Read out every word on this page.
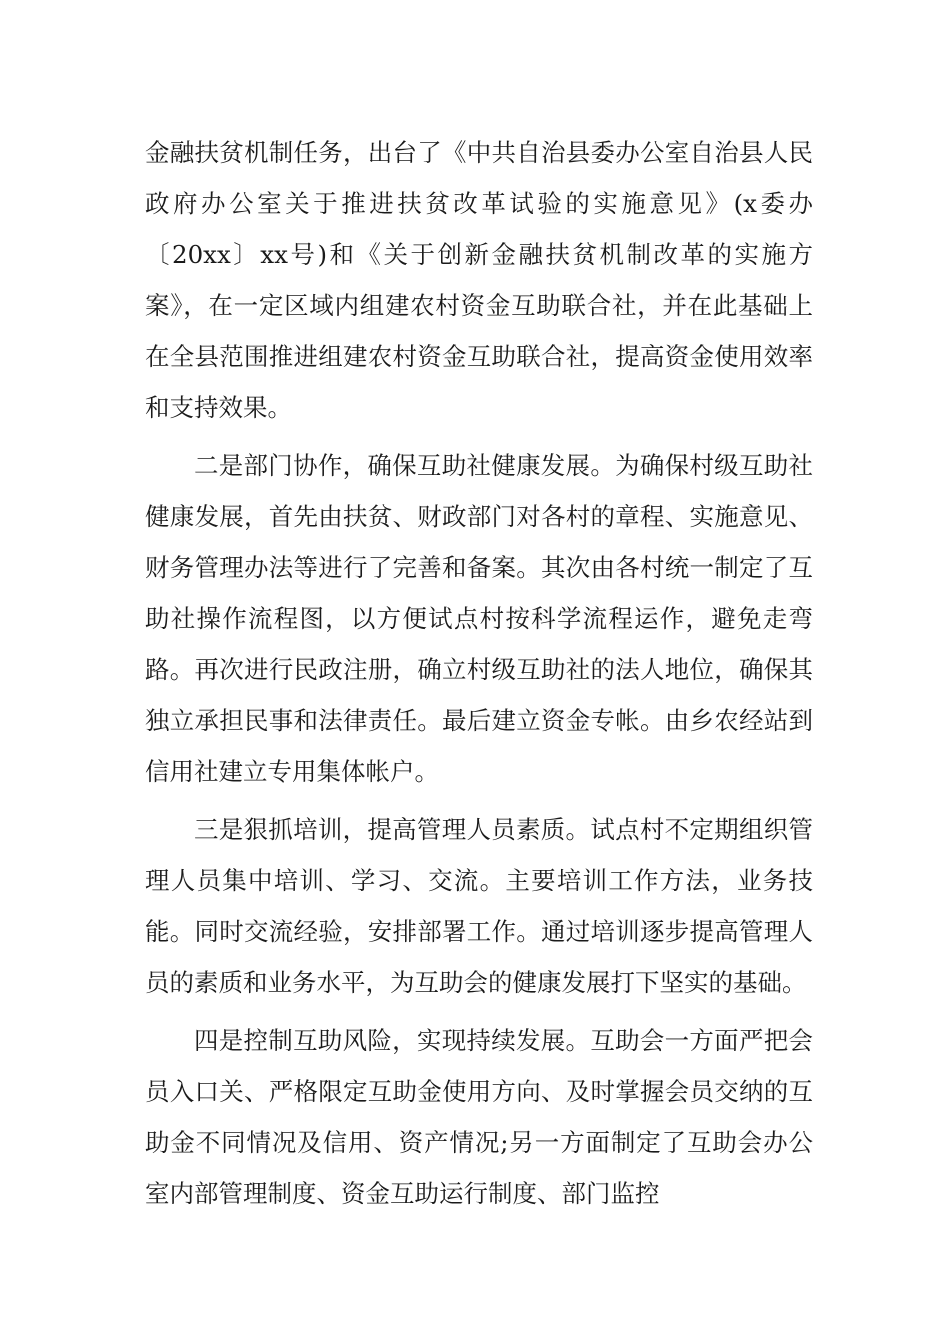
金融扶贫机制任务，出台了《中共自治县委办公室自治县人民政府办公室关于推进扶贫改革试验的实施意见》(x委办〔20xx〕xx号)和《关于创新金融扶贫机制改革的实施方案》，在一定区域内组建农村资金互助联合社，并在此基础上在全县范围推进组建农村资金互助联合社，提高资金使用效率和支持效果。

二是部门协作，确保互助社健康发展。为确保村级互助社健康发展，首先由扶贫、财政部门对各村的章程、实施意见、财务管理办法等进行了完善和备案。其次由各村统一制定了互助社操作流程图，以方便试点村按科学流程运作，避免走弯路。再次进行民政注册，确立村级互助社的法人地位，确保其独立承担民事和法律责任。最后建立资金专帐。由乡农经站到信用社建立专用集体帐户。

三是狠抓培训，提高管理人员素质。试点村不定期组织管理人员集中培训、学习、交流。主要培训工作方法，业务技能。同时交流经验，安排部署工作。通过培训逐步提高管理人员的素质和业务水平，为互助会的健康发展打下坚实的基础。

四是控制互助风险，实现持续发展。互助会一方面严把会员入口关、严格限定互助金使用方向、及时掌握会员交纳的互助金不同情况及信用、资产情况;另一方面制定了互助会办公室内部管理制度、资金互助运行制度、部门监控
